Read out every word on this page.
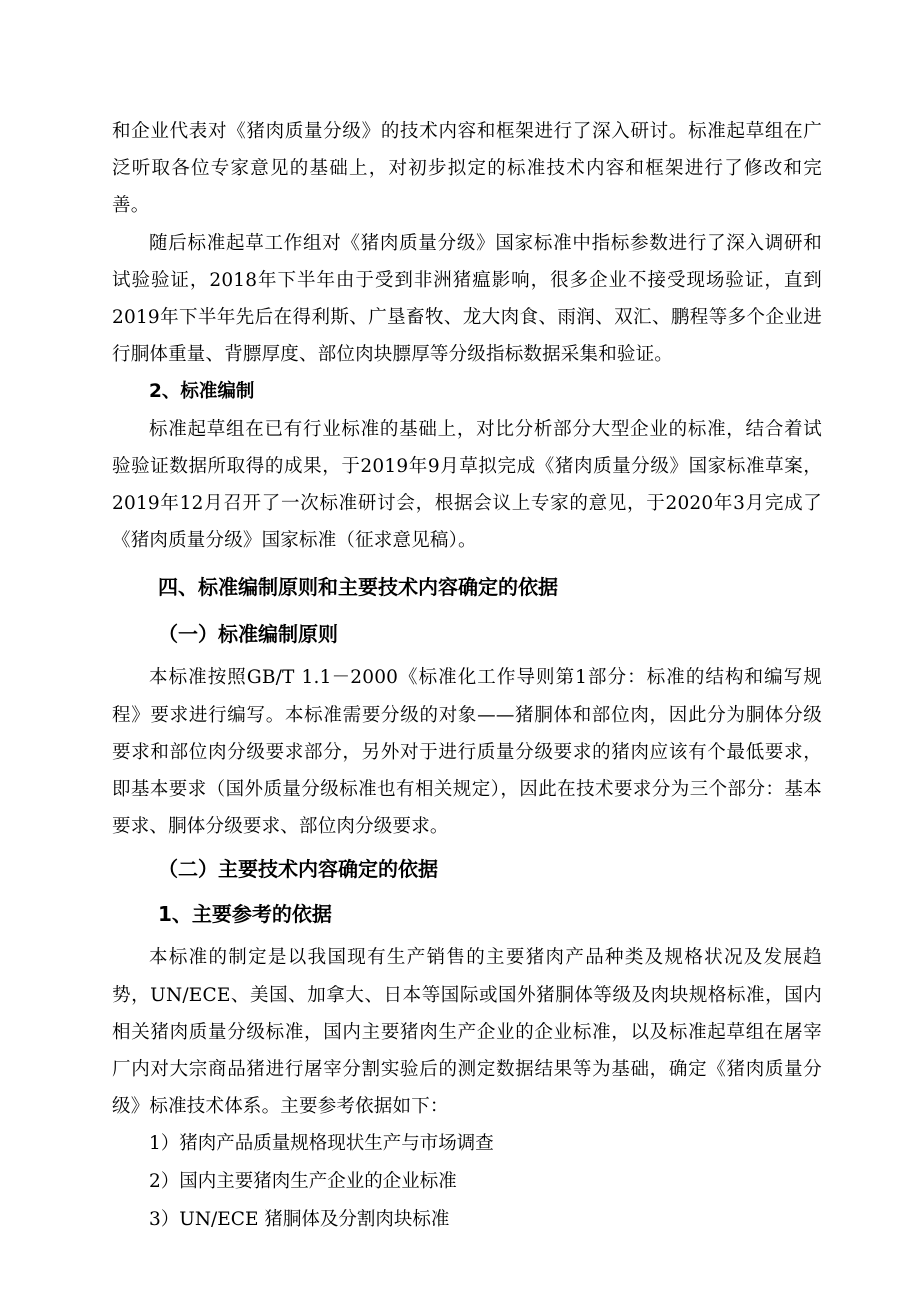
和企业代表对《猪肉质量分级》的技术内容和框架进行了深入研讨。标准起草组在广泛听取各位专家意见的基础上，对初步拟定的标准技术内容和框架进行了修改和完善。

随后标准起草工作组对《猪肉质量分级》国家标准中指标参数进行了深入调研和试验验证，2018年下半年由于受到非洲猪瘟影响，很多企业不接受现场验证，直到2019年下半年先后在得利斯、广垦畜牧、龙大肉食、雨润、双汇、鹏程等多个企业进行胴体重量、背膘厚度、部位肉块膘厚等分级指标数据采集和验证。

2、标准编制

标准起草组在已有行业标准的基础上，对比分析部分大型企业的标准，结合着试验验证数据所取得的成果，于2019年9月草拟完成《猪肉质量分级》国家标准草案，2019年12月召开了一次标准研讨会，根据会议上专家的意见，于2020年3月完成了《猪肉质量分级》国家标准（征求意见稿）。

四、标准编制原则和主要技术内容确定的依据
（一）标准编制原则

本标准按照GB/T 1.1－2000《标准化工作导则第1部分：标准的结构和编写规程》要求进行编写。本标准需要分级的对象——猪胴体和部位肉，因此分为胴体分级要求和部位肉分级要求部分，另外对于进行质量分级要求的猪肉应该有个最低要求，即基本要求（国外质量分级标准也有相关规定），因此在技术要求分为三个部分：基本要求、胴体分级要求、部位肉分级要求。

（二）主要技术内容确定的依据
1、主要参考的依据

本标准的制定是以我国现有生产销售的主要猪肉产品种类及规格状况及发展趋势，UN/ECE、美国、加拿大、日本等国际或国外猪胴体等级及肉块规格标准，国内相关猪肉质量分级标准，国内主要猪肉生产企业的企业标准，以及标准起草组在屠宰厂内对大宗商品猪进行屠宰分割实验后的测定数据结果等为基础，确定《猪肉质量分级》标准技术体系。主要参考依据如下：

1）猪肉产品质量规格现状生产与市场调查
2）国内主要猪肉生产企业的企业标准
3）UN/ECE 猪胴体及分割肉块标准
